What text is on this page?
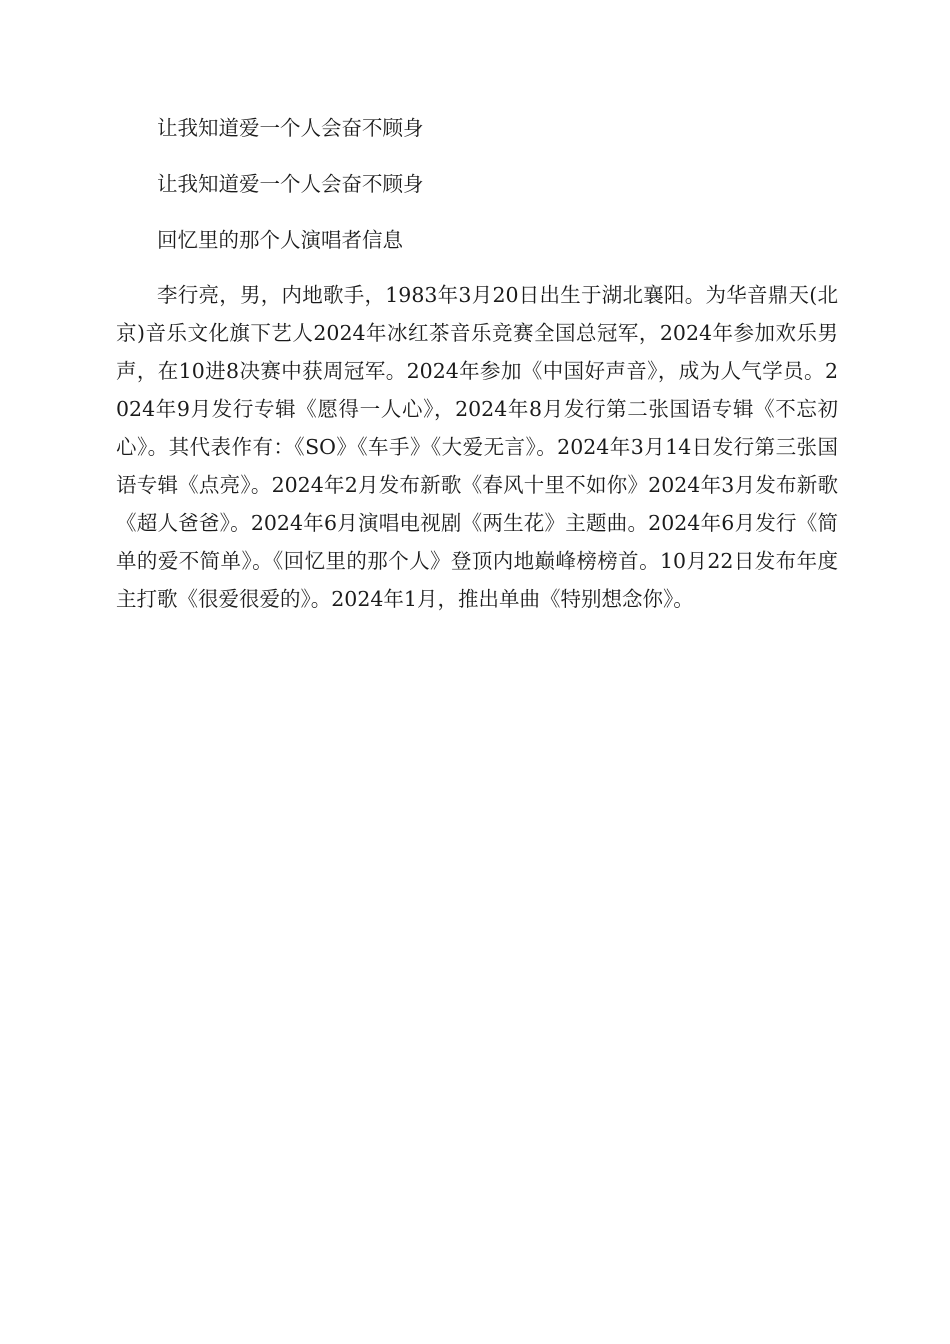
让我知道爱一个人会奋不顾身

让我知道爱一个人会奋不顾身

回忆里的那个人演唱者信息

李行亮，男，内地歌手，1983年3月20日出生于湖北襄阳。为华音鼎天(北京)音乐文化旗下艺人2024年冰红茶音乐竞赛全国总冠军，2024年参加欢乐男声，在10进8决赛中获周冠军。2024年参加《中国好声音》，成为人气学员。2024年9月发行专辑《愿得一人心》，2024年8月发行第二张国语专辑《不忘初心》。其代表作有：《SO》《车手》《大爱无言》。2024年3月14日发行第三张国语专辑《点亮》。2024年2月发布新歌《春风十里不如你》2024年3月发布新歌《超人爸爸》。2024年6月演唱电视剧《两生花》主题曲。2024年6月发行《简单的爱不简单》。《回忆里的那个人》登顶内地巅峰榜榜首。10月22日发布年度主打歌《很爱很爱的》。2024年1月，推出单曲《特别想念你》。
